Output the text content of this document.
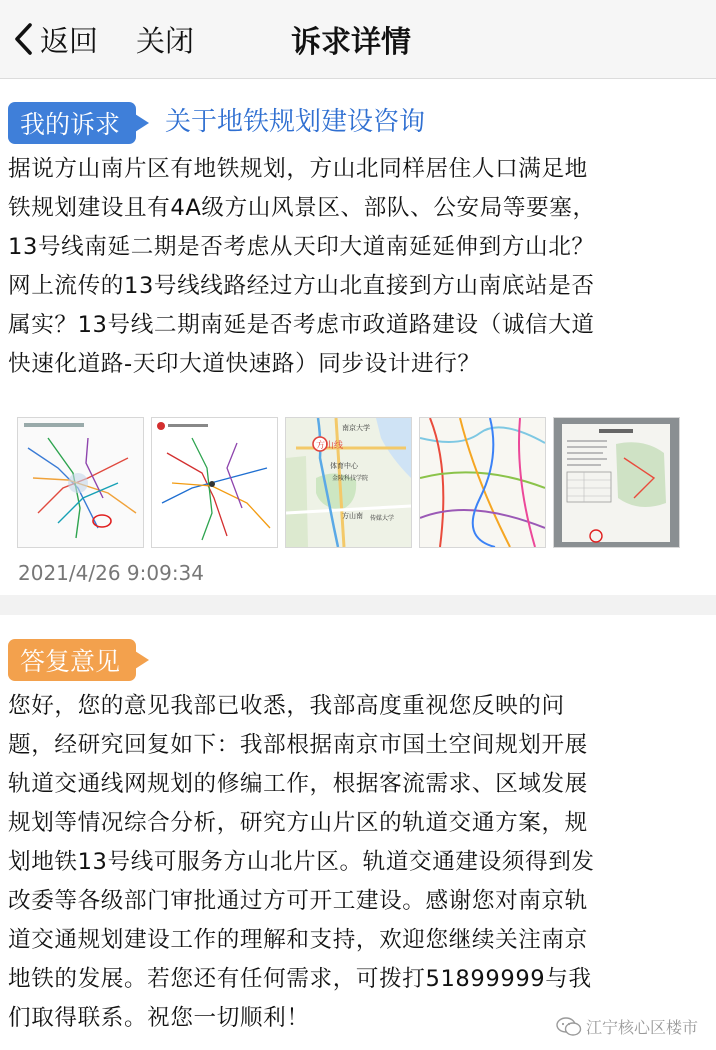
返回 关闭	诉求详情
我的诉求	关于地铁规划建设咨询
据说方山南片区有地铁规划，方山北同样居住人口满足地
铁规划建设且有4A级方山风景区、部队、公安局等要塞，
13号线南延二期是否考虑从天印大道南延延伸到方山北？
网上流传的13号线线路经过方山北直接到方山南底站是否
属实？13号线二期南延是否考虑市政道路建设（诚信大道
快速化道路-天印大道快速路）同步设计进行？
方山线
南京大学
体育中心
金陵科技学院
方山南 传媒大学
2021/4/26 9:09:34
答复意见
您好，您的意见我部已收悉，我部高度重视您反映的问
题，经研究回复如下：我部根据南京市国土空间规划开展
轨道交通线网规划的修编工作，根据客流需求、区域发展
规划等情况综合分析，研究方山片区的轨道交通方案，规
划地铁13号线可服务方山北片区。轨道交通建设须得到发
改委等各级部门审批通过方可开工建设。感谢您对南京轨
道交通规划建设工作的理解和支持，欢迎您继续关注南京
地铁的发展。若您还有任何需求，可拨打51899999与我
们取得联系。祝您一切顺利！	江宁核心区楼市
